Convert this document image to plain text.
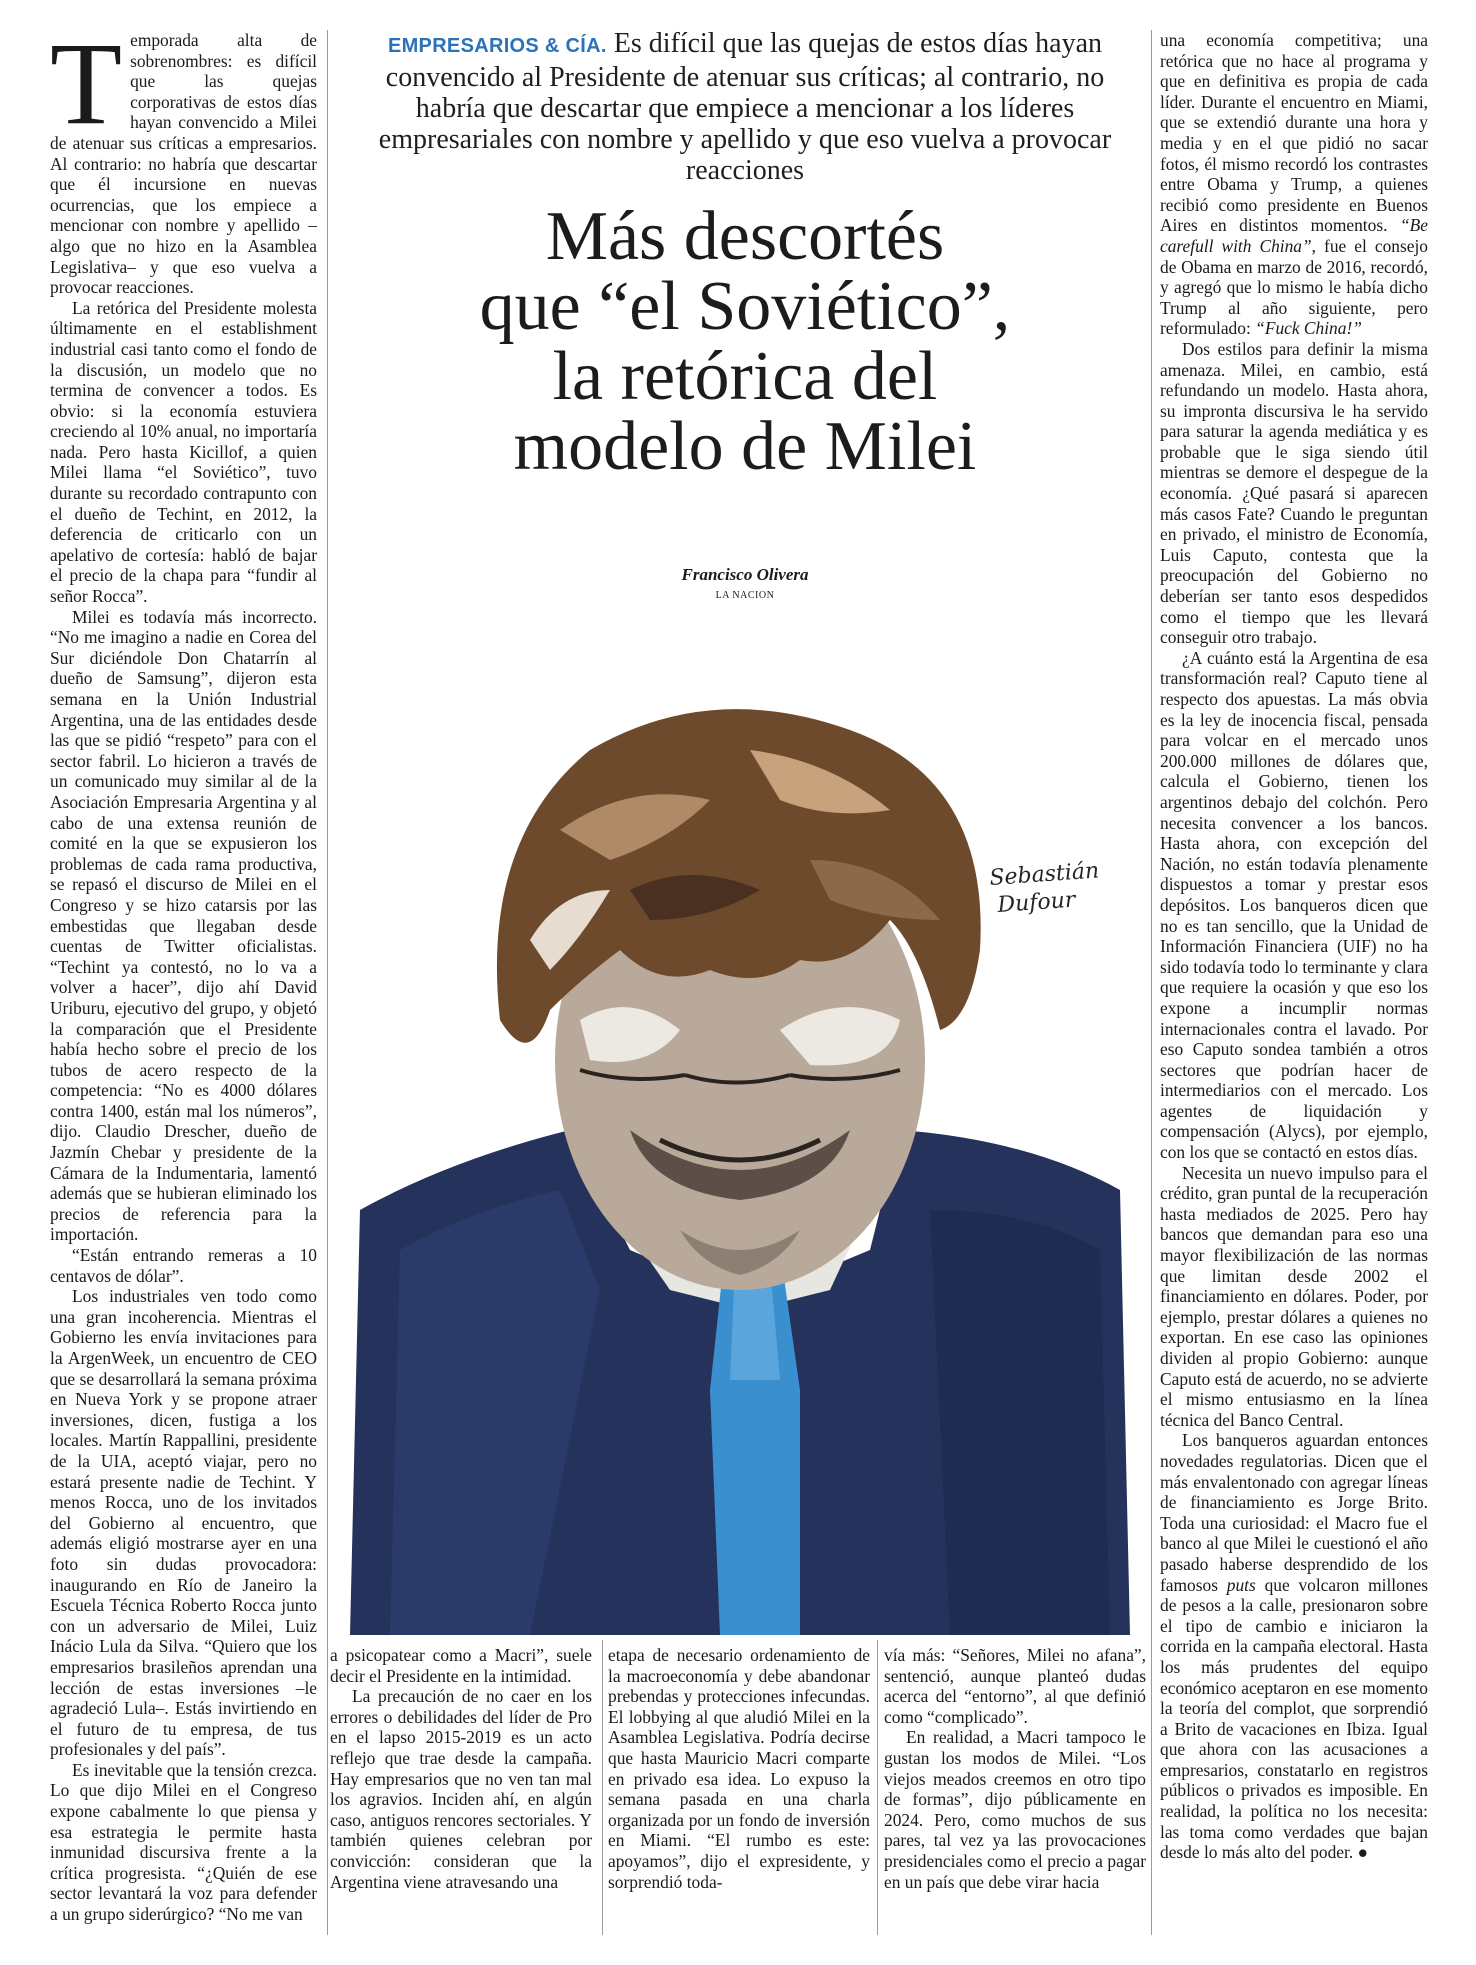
Temporada alta de sobrenombres: es difícil que las quejas corporativas de estos días hayan convencido a Milei de atenuar sus críticas a empresarios. Al contrario: no habría que descartar que él incursione en nuevas ocurrencias, que los empiece a mencionar con nombre y apellido –algo que no hizo en la Asamblea Legislativa– y que eso vuelva a provocar reacciones.

La retórica del Presidente molesta últimamente en el establishment industrial casi tanto como el fondo de la discusión, un modelo que no termina de convencer a todos. Es obvio: si la economía estuviera creciendo al 10% anual, no importaría nada. Pero hasta Kicillof, a quien Milei llama “el Soviético”, tuvo durante su recordado contrapunto con el dueño de Techint, en 2012, la deferencia de criticarlo con un apelativo de cortesía: habló de bajar el precio de la chapa para “fundir al señor Rocca”.

Milei es todavía más incorrecto. “No me imagino a nadie en Corea del Sur diciéndole Don Chatarrín al dueño de Samsung”, dijeron esta semana en la Unión Industrial Argentina, una de las entidades desde las que se pidió “respeto” para con el sector fabril. Lo hicieron a través de un comunicado muy similar al de la Asociación Empresaria Argentina y al cabo de una extensa reunión de comité en la que se expusieron los problemas de cada rama productiva, se repasó el discurso de Milei en el Congreso y se hizo catarsis por las embestidas que llegaban desde cuentas de Twitter oficialistas. “Techint ya contestó, no lo va a volver a hacer”, dijo ahí David Uriburu, ejecutivo del grupo, y objetó la comparación que el Presidente había hecho sobre el precio de los tubos de acero respecto de la competencia: “No es 4000 dólares contra 1400, están mal los números”, dijo. Claudio Drescher, dueño de Jazmín Chebar y presidente de la Cámara de la Indumentaria, lamentó además que se hubieran eliminado los precios de referencia para la importación.

“Están entrando remeras a 10 centavos de dólar”.

Los industriales ven todo como una gran incoherencia. Mientras el Gobierno les envía invitaciones para la ArgenWeek, un encuentro de CEO que se desarrollará la semana próxima en Nueva York y se propone atraer inversiones, dicen, fustiga a los locales. Martín Rappallini, presidente de la UIA, aceptó viajar, pero no estará presente nadie de Techint. Y menos Rocca, uno de los invitados del Gobierno al encuentro, que además eligió mostrarse ayer en una foto sin dudas provocadora: inaugurando en Río de Janeiro la Escuela Técnica Roberto Rocca junto con un adversario de Milei, Luiz Inácio Lula da Silva. “Quiero que los empresarios brasileños aprendan una lección de estas inversiones –le agradeció Lula–. Estás invirtiendo en el futuro de tu empresa, de tus profesionales y del país”.

Es inevitable que la tensión crezca. Lo que dijo Milei en el Congreso expone cabalmente lo que piensa y esa estrategia le permite hasta inmunidad discursiva frente a la crítica progresista. “¿Quién de ese sector levantará la voz para defender a un grupo siderúrgico? “No me van

EMPRESARIOS & CÍA. Es difícil que las quejas de estos días hayan convencido al Presidente de atenuar sus críticas; al contrario, no habría que descartar que empiece a mencionar a los líderes empresariales con nombre y apellido y que eso vuelva a provocar reacciones
Más descortés
que “el Soviético”,
la retórica del
modelo de Milei
Francisco Olivera
LA NACION
Sebastián
Dufour

a psicopatear como a Macri”, suele decir el Presidente en la intimidad.

La precaución de no caer en los errores o debilidades del líder de Pro en el lapso 2015-2019 es un acto reflejo que trae desde la campaña. Hay empresarios que no ven tan mal los agravios. Inciden ahí, en algún caso, antiguos rencores sectoriales. Y también quienes celebran por convicción: consideran que la Argentina viene atravesando una

etapa de necesario ordenamiento de la macroeconomía y debe abandonar prebendas y protecciones infecundas. El lobbying al que aludió Milei en la Asamblea Legislativa. Podría decirse que hasta Mauricio Macri comparte en privado esa idea. Lo expuso la semana pasada en una charla organizada por un fondo de inversión en Miami. “El rumbo es este: apoyamos”, dijo el expresidente, y sorprendió toda-

vía más: “Señores, Milei no afana”, sentenció, aunque planteó dudas acerca del “entorno”, al que definió como “complicado”.

En realidad, a Macri tampoco le gustan los modos de Milei. “Los viejos meados creemos en otro tipo de formas”, dijo públicamente en 2024. Pero, como muchos de sus pares, tal vez ya las provocaciones presidenciales como el precio a pagar en un país que debe virar hacia

una economía competitiva; una retórica que no hace al programa y que en definitiva es propia de cada líder. Durante el encuentro en Miami, que se extendió durante una hora y media y en el que pidió no sacar fotos, él mismo recordó los contrastes entre Obama y Trump, a quienes recibió como presidente en Buenos Aires en distintos momentos. “Be carefull with China”, fue el consejo de Obama en marzo de 2016, recordó, y agregó que lo mismo le había dicho Trump al año siguiente, pero reformulado: “Fuck China!”

Dos estilos para definir la misma amenaza. Milei, en cambio, está refundando un modelo. Hasta ahora, su impronta discursiva le ha servido para saturar la agenda mediática y es probable que le siga siendo útil mientras se demore el despegue de la economía. ¿Qué pasará si aparecen más casos Fate? Cuando le preguntan en privado, el ministro de Economía, Luis Caputo, contesta que la preocupación del Gobierno no deberían ser tanto esos despedidos como el tiempo que les llevará conseguir otro trabajo.

¿A cuánto está la Argentina de esa transformación real? Caputo tiene al respecto dos apuestas. La más obvia es la ley de inocencia fiscal, pensada para volcar en el mercado unos 200.000 millones de dólares que, calcula el Gobierno, tienen los argentinos debajo del colchón. Pero necesita convencer a los bancos. Hasta ahora, con excepción del Nación, no están todavía plenamente dispuestos a tomar y prestar esos depósitos. Los banqueros dicen que no es tan sencillo, que la Unidad de Información Financiera (UIF) no ha sido todavía todo lo terminante y clara que requiere la ocasión y que eso los expone a incumplir normas internacionales contra el lavado. Por eso Caputo sondea también a otros sectores que podrían hacer de intermediarios con el mercado. Los agentes de liquidación y compensación (Alycs), por ejemplo, con los que se contactó en estos días.

Necesita un nuevo impulso para el crédito, gran puntal de la recuperación hasta mediados de 2025. Pero hay bancos que demandan para eso una mayor flexibilización de las normas que limitan desde 2002 el financiamiento en dólares. Poder, por ejemplo, prestar dólares a quienes no exportan. En ese caso las opiniones dividen al propio Gobierno: aunque Caputo está de acuerdo, no se advierte el mismo entusiasmo en la línea técnica del Banco Central.

Los banqueros aguardan entonces novedades regulatorias. Dicen que el más envalentonado con agregar líneas de financiamiento es Jorge Brito. Toda una curiosidad: el Macro fue el banco al que Milei le cuestionó el año pasado haberse desprendido de los famosos puts que volcaron millones de pesos a la calle, presionaron sobre el tipo de cambio e iniciaron la corrida en la campaña electoral. Hasta los más prudentes del equipo económico aceptaron en ese momento la teoría del complot, que sorprendió a Brito de vacaciones en Ibiza. Igual que ahora con las acusaciones a empresarios, constatarlo en registros públicos o privados es imposible. En realidad, la política no los necesita: las toma como verdades que bajan desde lo más alto del poder. ●
